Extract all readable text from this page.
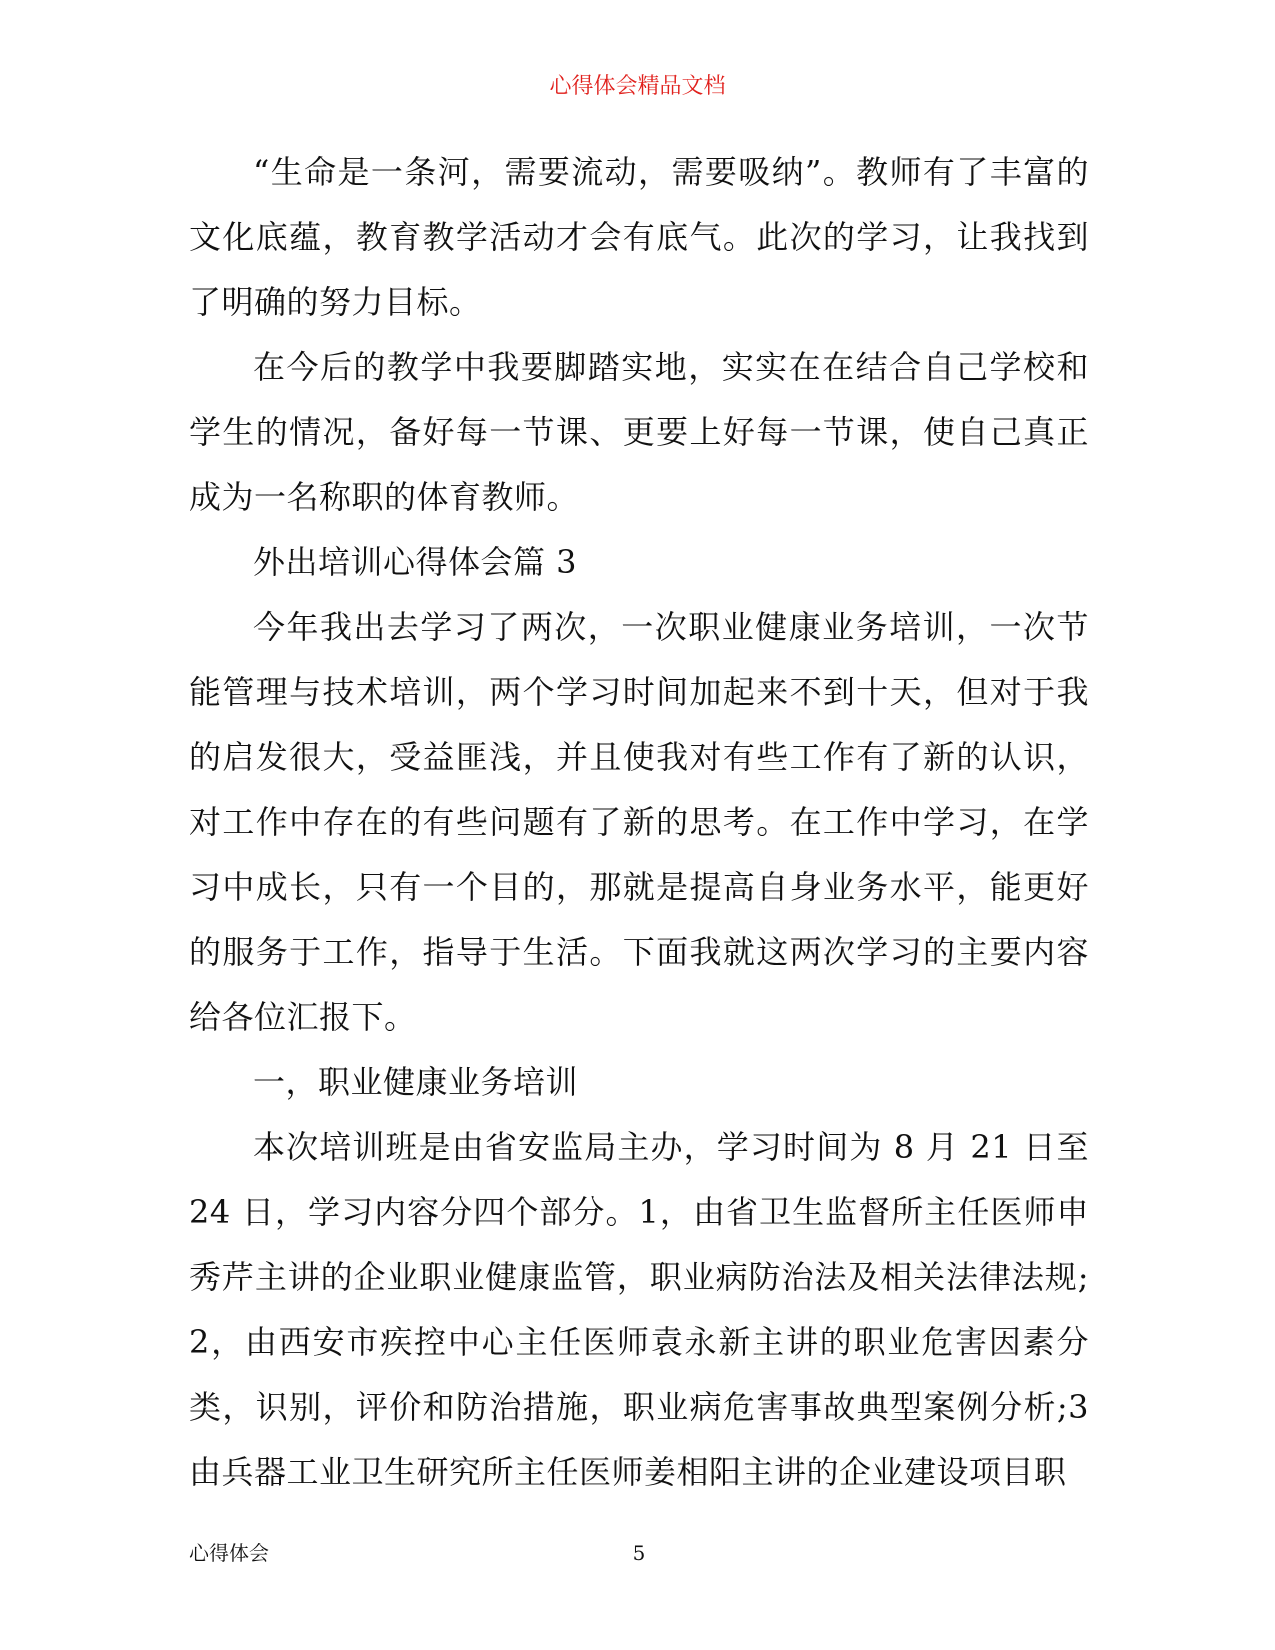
心得体会精品文档

“生命是一条河，需要流动，需要吸纳”。教师有了丰富的文化底蕴，教育教学活动才会有底气。此次的学习，让我找到了明确的努力目标。

在今后的教学中我要脚踏实地，实实在在结合自己学校和学生的情况，备好每一节课、更要上好每一节课，使自己真正成为一名称职的体育教师。

外出培训心得体会篇 3

今年我出去学习了两次，一次职业健康业务培训，一次节能管理与技术培训，两个学习时间加起来不到十天，但对于我的启发很大，受益匪浅，并且使我对有些工作有了新的认识，对工作中存在的有些问题有了新的思考。在工作中学习，在学习中成长，只有一个目的，那就是提高自身业务水平，能更好的服务于工作，指导于生活。下面我就这两次学习的主要内容给各位汇报下。

一，职业健康业务培训

本次培训班是由省安监局主办，学习时间为 8 月 21 日至 24 日，学习内容分四个部分。1，由省卫生监督所主任医师申秀芹主讲的企业职业健康监管，职业病防治法及相关法律法规;2，由西安市疾控中心主任医师袁永新主讲的职业危害因素分类，识别，评价和防治措施，职业病危害事故典型案例分析;3 由兵器工业卫生研究所主任医师姜相阳主讲的企业建设项目职

心得体会	5
